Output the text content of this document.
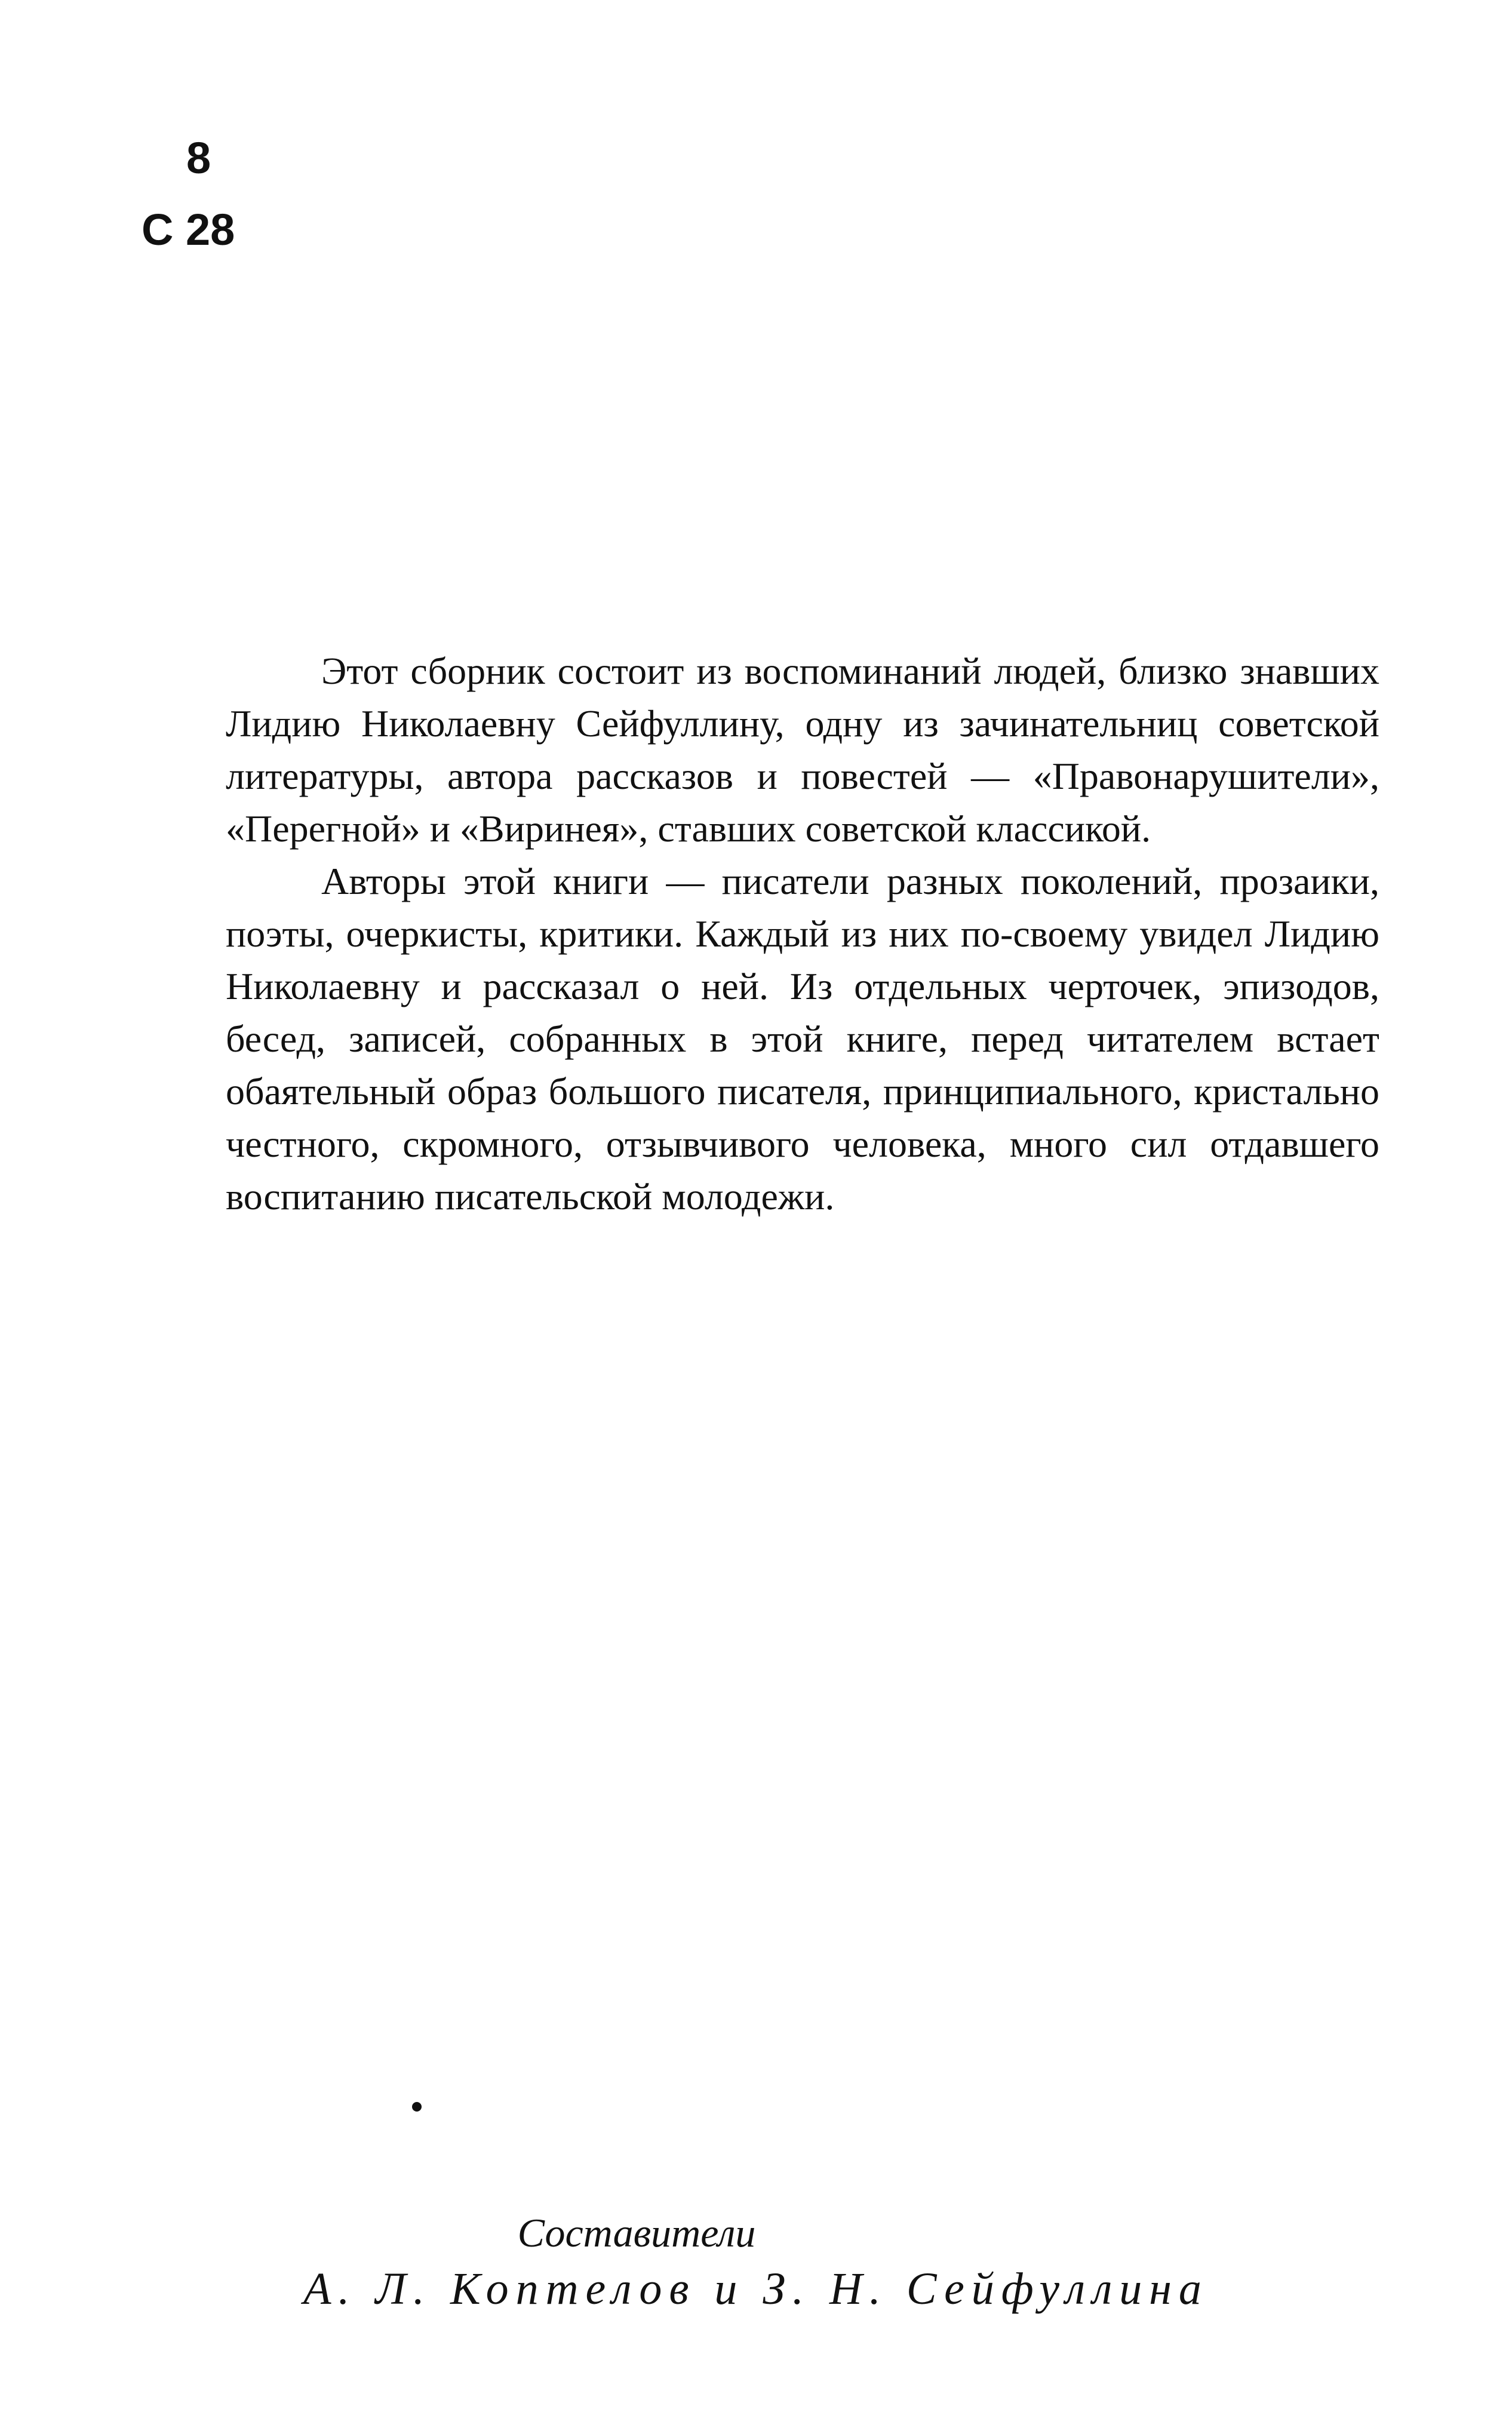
8
С 28

Этот сборник состоит из воспоминаний людей, близко знавших Лидию Николаевну Сейфуллину, одну из зачинательниц советской литературы, автора рассказов и повестей — «Правонарушители», «Перегной» и «Виринея», ставших советской классикой.

Авторы этой книги — писатели разных поколений, прозаики, поэты, очеркисты, критики. Каждый из них по-своему увидел Лидию Николаевну и рассказал о ней. Из отдельных черточек, эпизодов, бесед, записей, собранных в этой книге, перед читателем встает обаятельный образ большого писателя, принципиального, кристально честного, скромного, отзывчивого человека, много сил отдавшего воспитанию писательской молодежи.

Составители
А. Л. Коптелов и З. Н. Сейфуллина
